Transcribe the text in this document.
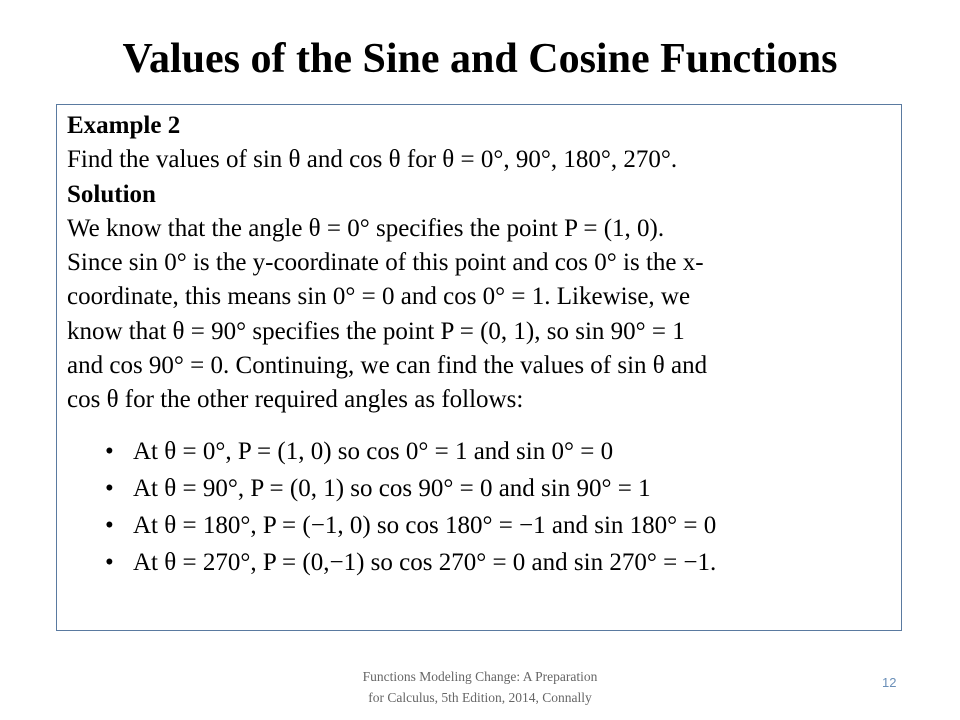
Values of the Sine and Cosine Functions

Example 2

Find the values of sin θ and cos θ for θ = 0°, 90°, 180°, 270°.

Solution

We know that the angle θ = 0° specifies the point P = (1, 0).

Since sin 0° is the y-coordinate of this point and cos 0° is the x-

coordinate, this means sin 0° = 0 and cos 0° = 1. Likewise, we

know that θ = 90° specifies the point P = (0, 1), so sin 90° = 1

and cos 90° = 0. Continuing, we can find the values of sin θ and

cos θ for the other required angles as follows:

• At θ = 0°, P = (1, 0) so cos 0° = 1 and sin 0° = 0
• At θ = 90°, P = (0, 1) so cos 90° = 0 and sin 90° = 1
• At θ = 180°, P = (−1, 0) so cos 180° = −1 and sin 180° = 0
• At θ = 270°, P = (0,−1) so cos 270° = 0 and sin 270° = −1.
Functions Modeling Change: A Preparation
for Calculus, 5th Edition, 2014, Connally
12
